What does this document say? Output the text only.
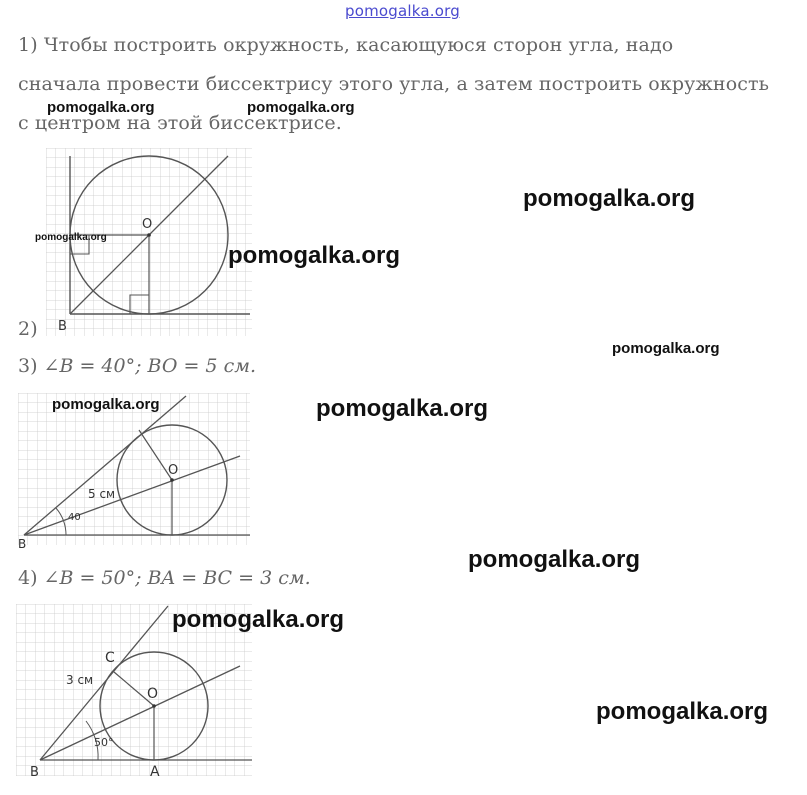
pomogalka.org
1) Чтобы построить окружность, касающуюся сторон угла, надо
сначала провести биссектрису этого угла, а затем построить окружность
с центром на этой биссектрисе.
O
B
2)
3) ∠B = 40°; BO = 5 см.
O
5 см
40
B
4) ∠B = 50°; BA = BC = 3 см.
O
C
3 см
50°
A
B
pomogalka.org	pomogalka.org
pomogalka.org
pomogalka.org
pomogalka.org
pomogalka.org
pomogalka.org	pomogalka.org
pomogalka.org
pomogalka.org
pomogalka.org
